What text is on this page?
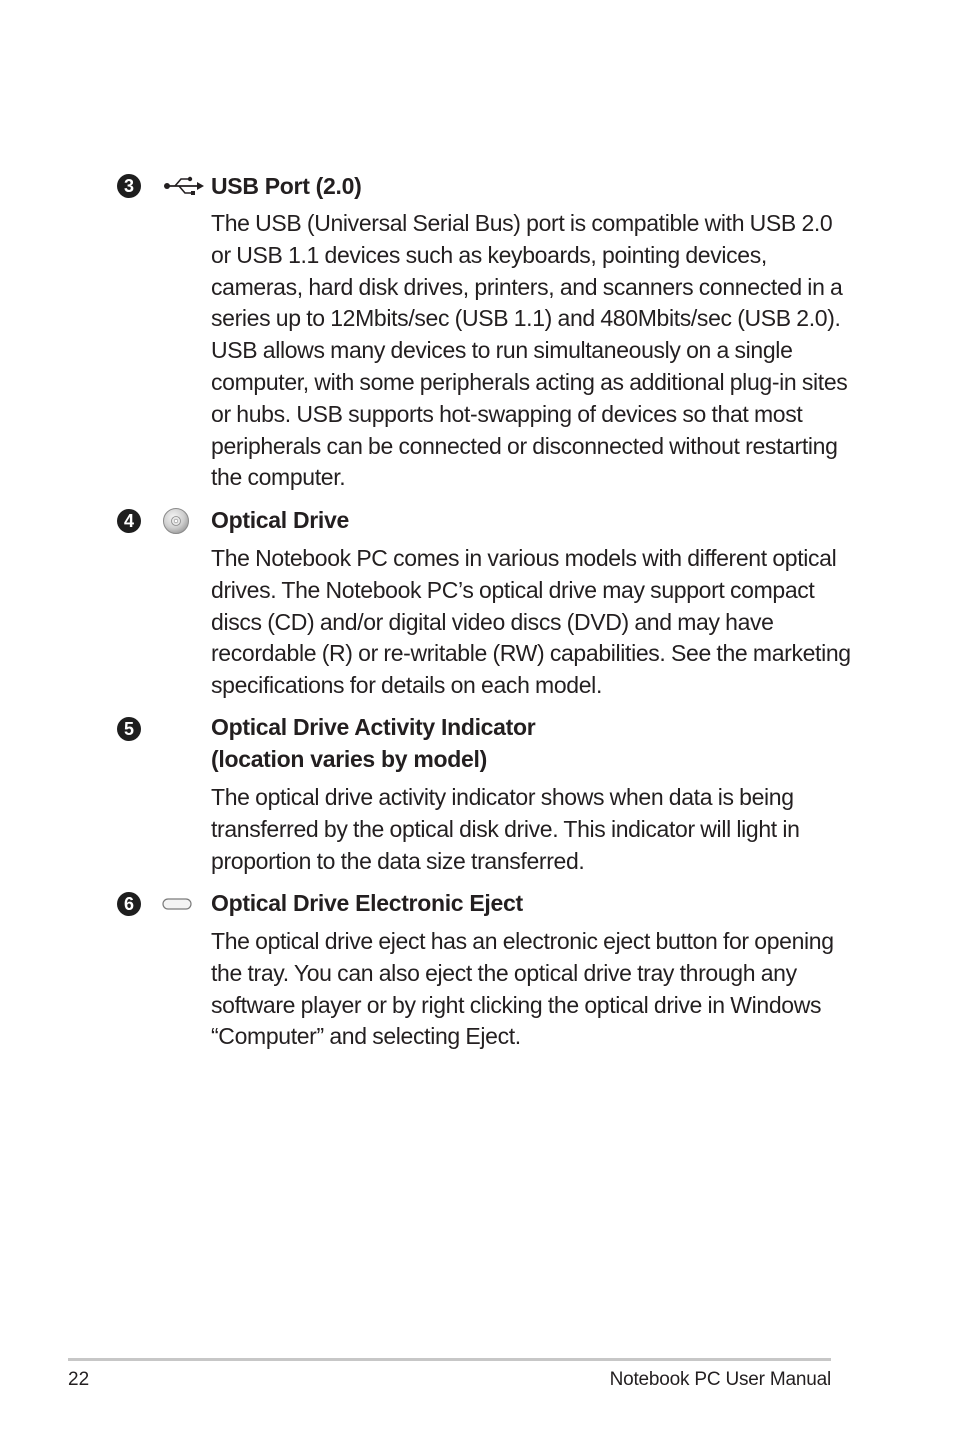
3	USB Port (2.0)
The USB (Universal Serial Bus) port is compatible with USB 2.0 or USB 1.1 devices such as keyboards, pointing devices, cameras, hard disk drives, printers, and scanners connected in a series up to 12Mbits/sec (USB 1.1) and 480Mbits/sec (USB 2.0). USB allows many devices to run simultaneously on a single computer, with some peripherals acting as additional plug-in sites or hubs. USB supports hot-swapping of devices so that most peripherals can be connected or disconnected without restarting the computer.
4	Optical Drive
The Notebook PC comes in various models with different optical drives. The Notebook PC’s optical drive may support compact discs (CD) and/or digital video discs (DVD) and may have recordable (R) or re-writable (RW) capabilities. See the marketing specifications for details on each model.
5	Optical Drive Activity Indicator
(location varies by model)
The optical drive activity indicator shows when data is being transferred by the optical disk drive. This indicator will light in proportion to the data size transferred.
6	Optical Drive Electronic Eject
The optical drive eject has an electronic eject button for opening the tray. You can also eject the optical drive tray through any software player or by right clicking the optical drive in Windows “Computer” and selecting Eject.
22	Notebook PC User Manual
